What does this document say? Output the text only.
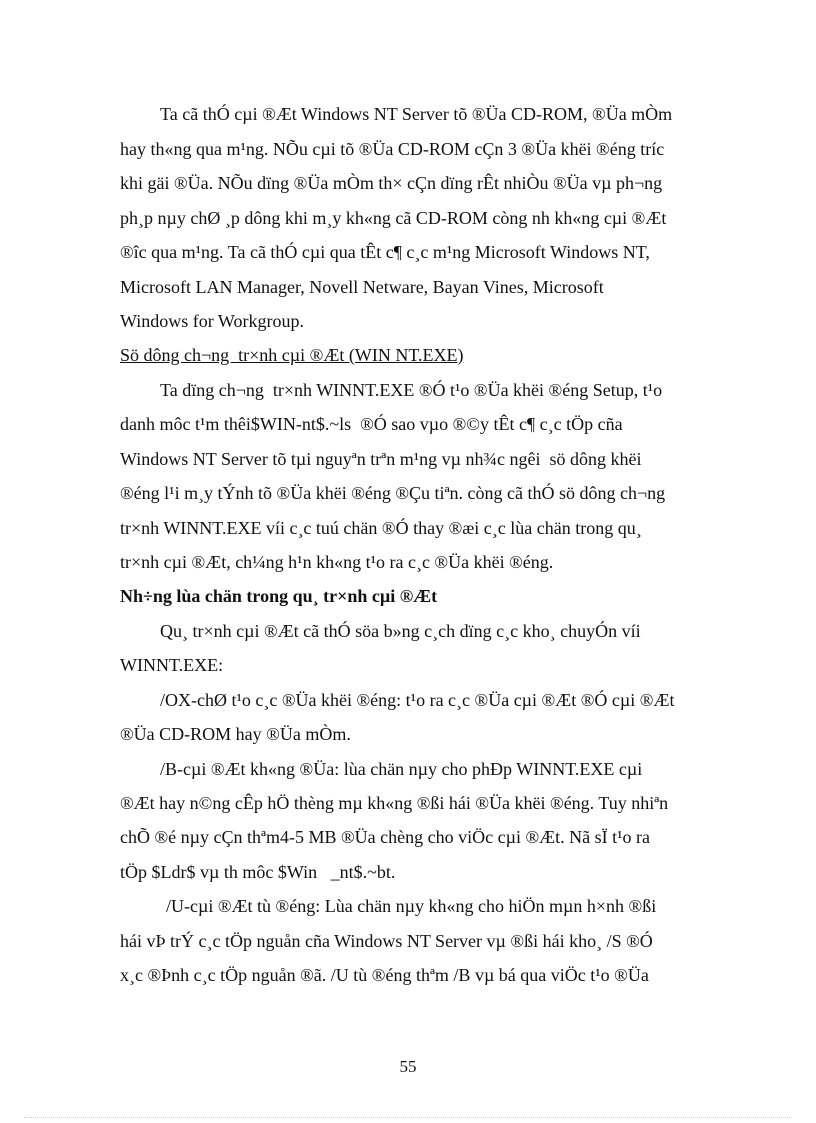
Ta cã thÓ cµi ®Æt Windows NT Server tõ ®Üa CD-ROM, ®Üa mÒm
hay th«ng qua m¹ng. NÕu cµi tõ ®Üa CD-ROM cÇn 3 ®Üa khëi ®éng tríc
khi gäi ®Üa. NÕu dïng ®Üa mÒm th× cÇn dïng rÊt nhiÒu ®Üa vµ ph¬ng
ph¸p nµy chØ ¸p dông khi m¸y kh«ng cã CD-ROM còng nh kh«ng cµi ®Æt
®îc qua m¹ng. Ta cã thÓ cµi qua tÊt c¶ c¸c m¹ng Microsoft Windows NT,
Microsoft LAN Manager, Novell Netware, Bayan Vines, Microsoft
Windows for Workgroup.
Sö dông ch¬ng  tr×nh cµi ®Æt (WIN NT.EXE)
Ta dïng ch¬ng  tr×nh WINNT.EXE ®Ó t¹o ®Üa khëi ®éng Setup, t¹o
danh môc t¹m thêi$WIN-nt$.~ls  ®Ó sao vµo ®©y tÊt c¶ c¸c tÖp cña
Windows NT Server tõ tµi nguyªn trªn m¹ng vµ nh¾c ngêi  sö dông khëi
®éng l¹i m¸y tÝnh tõ ®Üa khëi ®éng ®Çu tiªn. còng cã thÓ sö dông ch¬ng
tr×nh WINNT.EXE víi c¸c tuú chän ®Ó thay ®æi c¸c lùa chän trong qu¸
tr×nh cµi ®Æt, ch¼ng h¹n kh«ng t¹o ra c¸c ®Üa khëi ®éng.
Nh÷ng lùa chän trong qu¸ tr×nh cµi ®Æt
Qu¸ tr×nh cµi ®Æt cã thÓ söa b»ng c¸ch dïng c¸c kho¸ chuyÓn víi
WINNT.EXE:
/OX-chØ t¹o c¸c ®Üa khëi ®éng: t¹o ra c¸c ®Üa cµi ®Æt ®Ó cµi ®Æt
®Üa CD-ROM hay ®Üa mÒm.
/B-cµi ®Æt kh«ng ®Üa: lùa chän nµy cho phÐp WINNT.EXE cµi
®Æt hay n©ng cÊp hÖ thèng mµ kh«ng ®ßi hái ®Üa khëi ®éng. Tuy nhiªn
chÕ ®é nµy cÇn thªm4-5 MB ®Üa chèng cho viÖc cµi ®Æt. Nã sÏ t¹o ra
tÖp $Ldr$ vµ th môc $Win   _nt$.~bt.
/U-cµi ®Æt tù ®éng: Lùa chän nµy kh«ng cho hiÖn mµn h×nh ®ßi
hái vÞ trÝ c¸c tÖp nguån cña Windows NT Server vµ ®ßi hái kho¸ /S ®Ó
x¸c ®Þnh c¸c tÖp nguån ®ã. /U tù ®éng thªm /B vµ bá qua viÖc t¹o ®Üa
55
